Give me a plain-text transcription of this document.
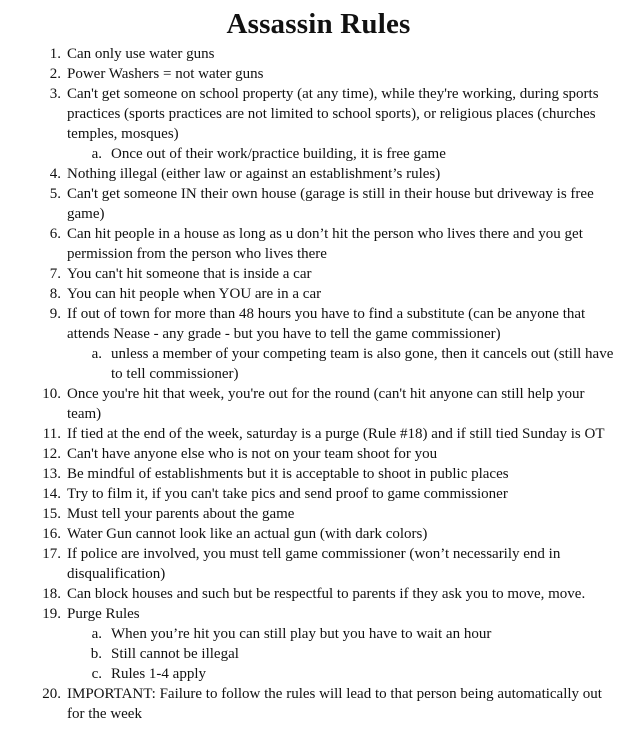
Assassin Rules
1. Can only use water guns
2. Power Washers = not water guns
3. Can't get someone on school property (at any time), while they're working, during sports practices (sports practices are not limited to school sports), or religious places (churches temples, mosques)
a. Once out of their work/practice building, it is free game
4. Nothing illegal (either law or against an establishment’s rules)
5. Can't get someone IN their own house (garage is still in their house but driveway is free game)
6. Can hit people in a house as long as u don’t hit the person who lives there and you get permission from the person who lives there
7. You can't hit someone that is inside a car
8. You can hit people when YOU are in a car
9. If out of town for more than 48 hours you have to find a substitute (can be anyone that attends Nease - any grade - but you have to tell the game commissioner)
a. unless a member of your competing team is also gone, then it cancels out (still have to tell commissioner)
10. Once you're hit that week, you're out for the round (can't hit anyone can still help your team)
11. If tied at the end of the week, saturday is a purge (Rule #18) and if still tied Sunday is OT
12. Can't have anyone else who is not on your team shoot for you
13. Be mindful of establishments but it is acceptable to shoot in public places
14. Try to film it, if you can't take pics and send proof to game commissioner
15. Must tell your parents about the game
16. Water Gun cannot look like an actual gun (with dark colors)
17. If police are involved, you must tell game commissioner (won’t necessarily end in disqualification)
18. Can block houses and such but be respectful to parents if they ask you to move, move.
19. Purge Rules
a. When you’re hit you can still play but you have to wait an hour
b. Still cannot be illegal
c. Rules 1-4 apply
20. IMPORTANT: Failure to follow the rules will lead to that person being automatically out for the week
